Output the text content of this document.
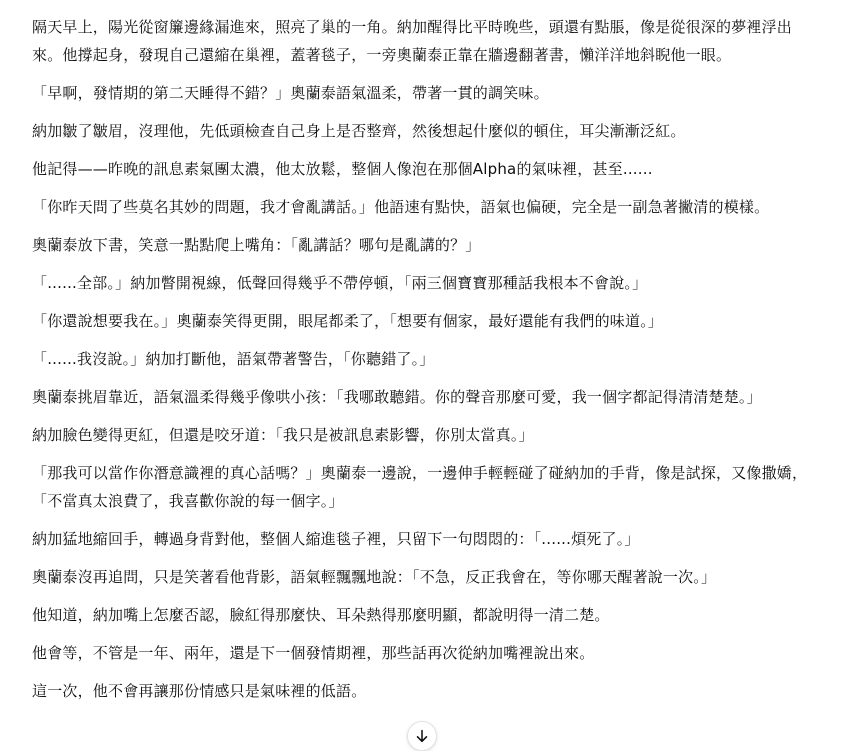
隔天早上，陽光從窗簾邊緣漏進來，照亮了巢的一角。納加醒得比平時晚些，頭還有點脹，像是從很深的夢裡浮出來。他撐起身，發現自己還縮在巢裡，蓋著毯子，一旁奧蘭泰正靠在牆邊翻著書，懶洋洋地斜睨他一眼。

「早啊，發情期的第二天睡得不錯？」奧蘭泰語氣溫柔，帶著一貫的調笑味。

納加皺了皺眉，沒理他，先低頭檢查自己身上是否整齊，然後想起什麼似的頓住，耳尖漸漸泛紅。

他記得——昨晚的訊息素氣團太濃，他太放鬆，整個人像泡在那個Alpha的氣味裡，甚至......

「你昨天問了些莫名其妙的問題，我才會亂講話。」他語速有點快，語氣也偏硬，完全是一副急著撇清的模樣。

奧蘭泰放下書，笑意一點點爬上嘴角：「亂講話？哪句是亂講的？」

「......全部。」納加瞥開視線，低聲回得幾乎不帶停頓，「兩三個寶寶那種話我根本不會說。」

「你還說想要我在。」奧蘭泰笑得更開，眼尾都柔了，「想要有個家，最好還能有我們的味道。」

「......我沒說。」納加打斷他，語氣帶著警告，「你聽錯了。」

奧蘭泰挑眉靠近，語氣溫柔得幾乎像哄小孩：「我哪敢聽錯。你的聲音那麼可愛，我一個字都記得清清楚楚。」

納加臉色變得更紅，但還是咬牙道：「我只是被訊息素影響，你別太當真。」

「那我可以當作你潛意識裡的真心話嗎？」奧蘭泰一邊說，一邊伸手輕輕碰了碰納加的手背，像是試探，又像撒嬌，「不當真太浪費了，我喜歡你說的每一個字。」

納加猛地縮回手，轉過身背對他，整個人縮進毯子裡，只留下一句悶悶的：「......煩死了。」

奧蘭泰沒再追問，只是笑著看他背影，語氣輕飄飄地說：「不急，反正我會在，等你哪天醒著說一次。」

他知道，納加嘴上怎麼否認，臉紅得那麼快、耳朵熱得那麼明顯，都說明得一清二楚。

他會等，不管是一年、兩年，還是下一個發情期裡，那些話再次從納加嘴裡說出來。

這一次，他不會再讓那份情感只是氣味裡的低語。
